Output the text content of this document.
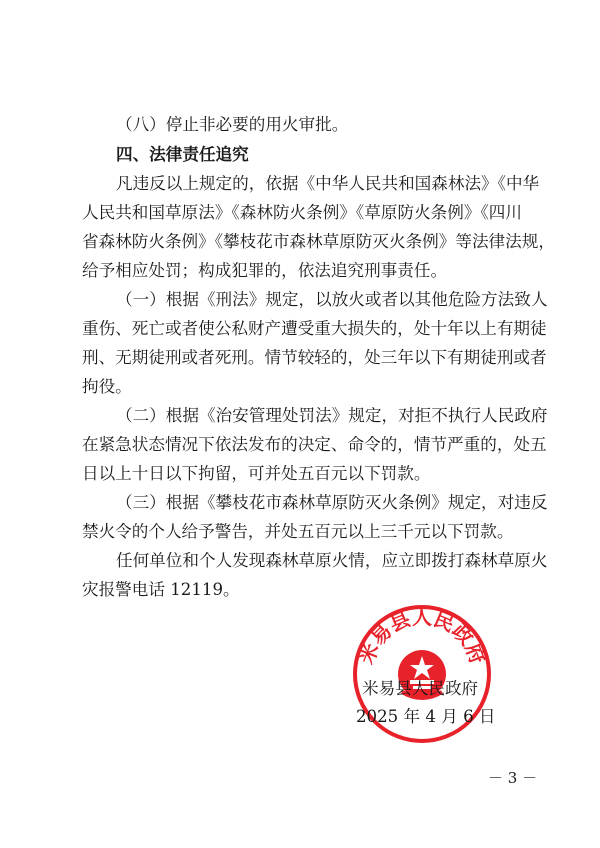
（八）停止非必要的用火审批。
四、法律责任追究
凡违反以上规定的，依据《中华人民共和国森林法》《中华
人民共和国草原法》《森林防火条例》《草原防火条例》《四川
省森林防火条例》《攀枝花市森林草原防灭火条例》等法律法规，
给予相应处罚；构成犯罪的，依法追究刑事责任。
（一）根据《刑法》规定，以放火或者以其他危险方法致人
重伤、死亡或者使公私财产遭受重大损失的，处十年以上有期徒
刑、无期徒刑或者死刑。情节较轻的，处三年以下有期徒刑或者
拘役。
（二）根据《治安管理处罚法》规定，对拒不执行人民政府
在紧急状态情况下依法发布的决定、命令的，情节严重的，处五
日以上十日以下拘留，可并处五百元以下罚款。
（三）根据《攀枝花市森林草原防灭火条例》规定，对违反
禁火令的个人给予警告，并处五百元以上三千元以下罚款。
任何单位和个人发现森林草原火情，应立即拨打森林草原火
灾报警电话 12119。
米易县人民政府
米易县人民政府
2025 年 4 月 6 日
－ 3 －
